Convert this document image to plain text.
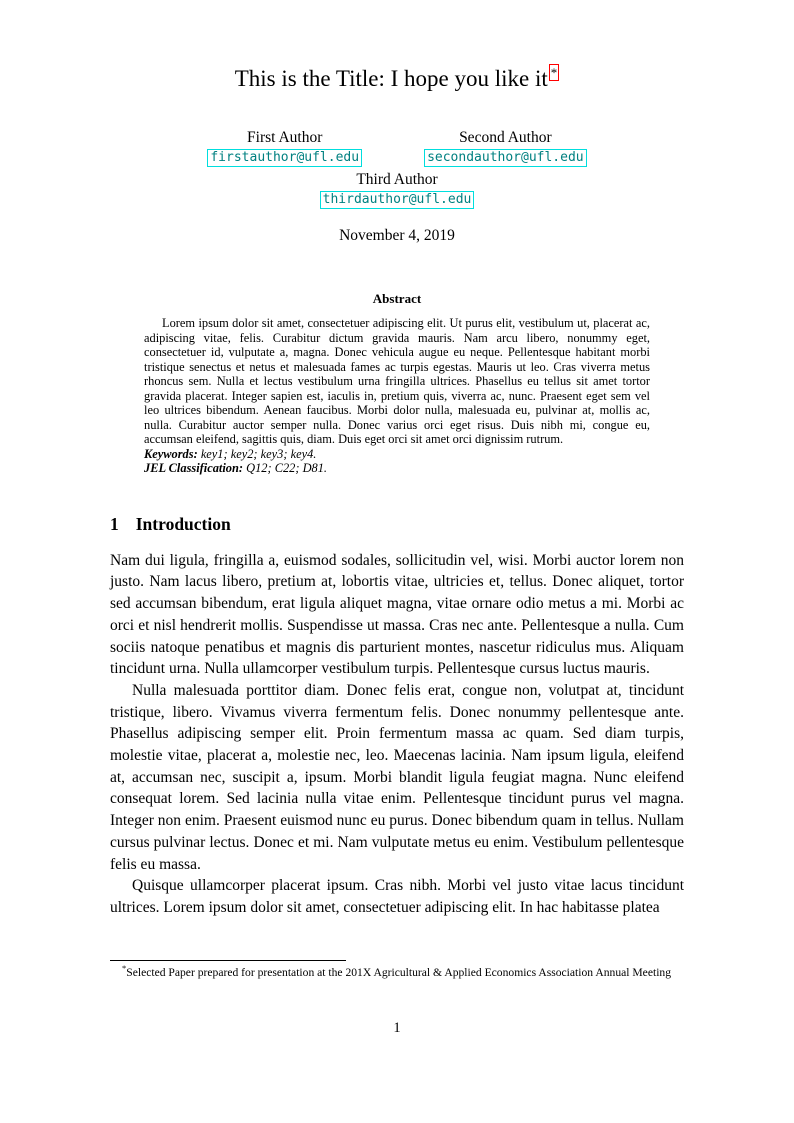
This is the Title: I hope you like it *
First Author
firstauthor@ufl.edu
Second Author
secondauthor@ufl.edu
Third Author
thirdauthor@ufl.edu
November 4, 2019
Abstract
Lorem ipsum dolor sit amet, consectetuer adipiscing elit. Ut purus elit, vestibulum ut, placerat ac, adipiscing vitae, felis. Curabitur dictum gravida mauris. Nam arcu libero, nonummy eget, consectetuer id, vulputate a, magna. Donec vehicula augue eu neque. Pellentesque habitant morbi tristique senectus et netus et malesuada fames ac turpis egestas. Mauris ut leo. Cras viverra metus rhoncus sem. Nulla et lectus vestibulum urna fringilla ultrices. Phasellus eu tellus sit amet tortor gravida placerat. Integer sapien est, iaculis in, pretium quis, viverra ac, nunc. Praesent eget sem vel leo ultrices bibendum. Aenean faucibus. Morbi dolor nulla, malesuada eu, pulvinar at, mollis ac, nulla. Curabitur auctor semper nulla. Donec varius orci eget risus. Duis nibh mi, congue eu, accumsan eleifend, sagittis quis, diam. Duis eget orci sit amet orci dignissim rutrum.
Keywords: key1; key2; key3; key4.
JEL Classification: Q12; C22; D81.
1 Introduction

Nam dui ligula, fringilla a, euismod sodales, sollicitudin vel, wisi. Morbi auctor lorem non justo. Nam lacus libero, pretium at, lobortis vitae, ultricies et, tellus. Donec aliquet, tortor sed accumsan bibendum, erat ligula aliquet magna, vitae ornare odio metus a mi. Morbi ac orci et nisl hendrerit mollis. Suspendisse ut massa. Cras nec ante. Pellentesque a nulla. Cum sociis natoque penatibus et magnis dis parturient montes, nascetur ridiculus mus. Aliquam tincidunt urna. Nulla ullamcorper vestibulum turpis. Pellentesque cursus luctus mauris.

Nulla malesuada porttitor diam. Donec felis erat, congue non, volutpat at, tincidunt tristique, libero. Vivamus viverra fermentum felis. Donec nonummy pellentesque ante. Phasellus adipiscing semper elit. Proin fermentum massa ac quam. Sed diam turpis, molestie vitae, placerat a, molestie nec, leo. Maecenas lacinia. Nam ipsum ligula, eleifend at, accumsan nec, suscipit a, ipsum. Morbi blandit ligula feugiat magna. Nunc eleifend consequat lorem. Sed lacinia nulla vitae enim. Pellentesque tincidunt purus vel magna. Integer non enim. Praesent euismod nunc eu purus. Donec bibendum quam in tellus. Nullam cursus pulvinar lectus. Donec et mi. Nam vulputate metus eu enim. Vestibulum pellentesque felis eu massa.

Quisque ullamcorper placerat ipsum. Cras nibh. Morbi vel justo vitae lacus tincidunt ultrices. Lorem ipsum dolor sit amet, consectetuer adipiscing elit. In hac habitasse platea

*Selected Paper prepared for presentation at the 201X Agricultural & Applied Economics Association Annual Meeting
1
